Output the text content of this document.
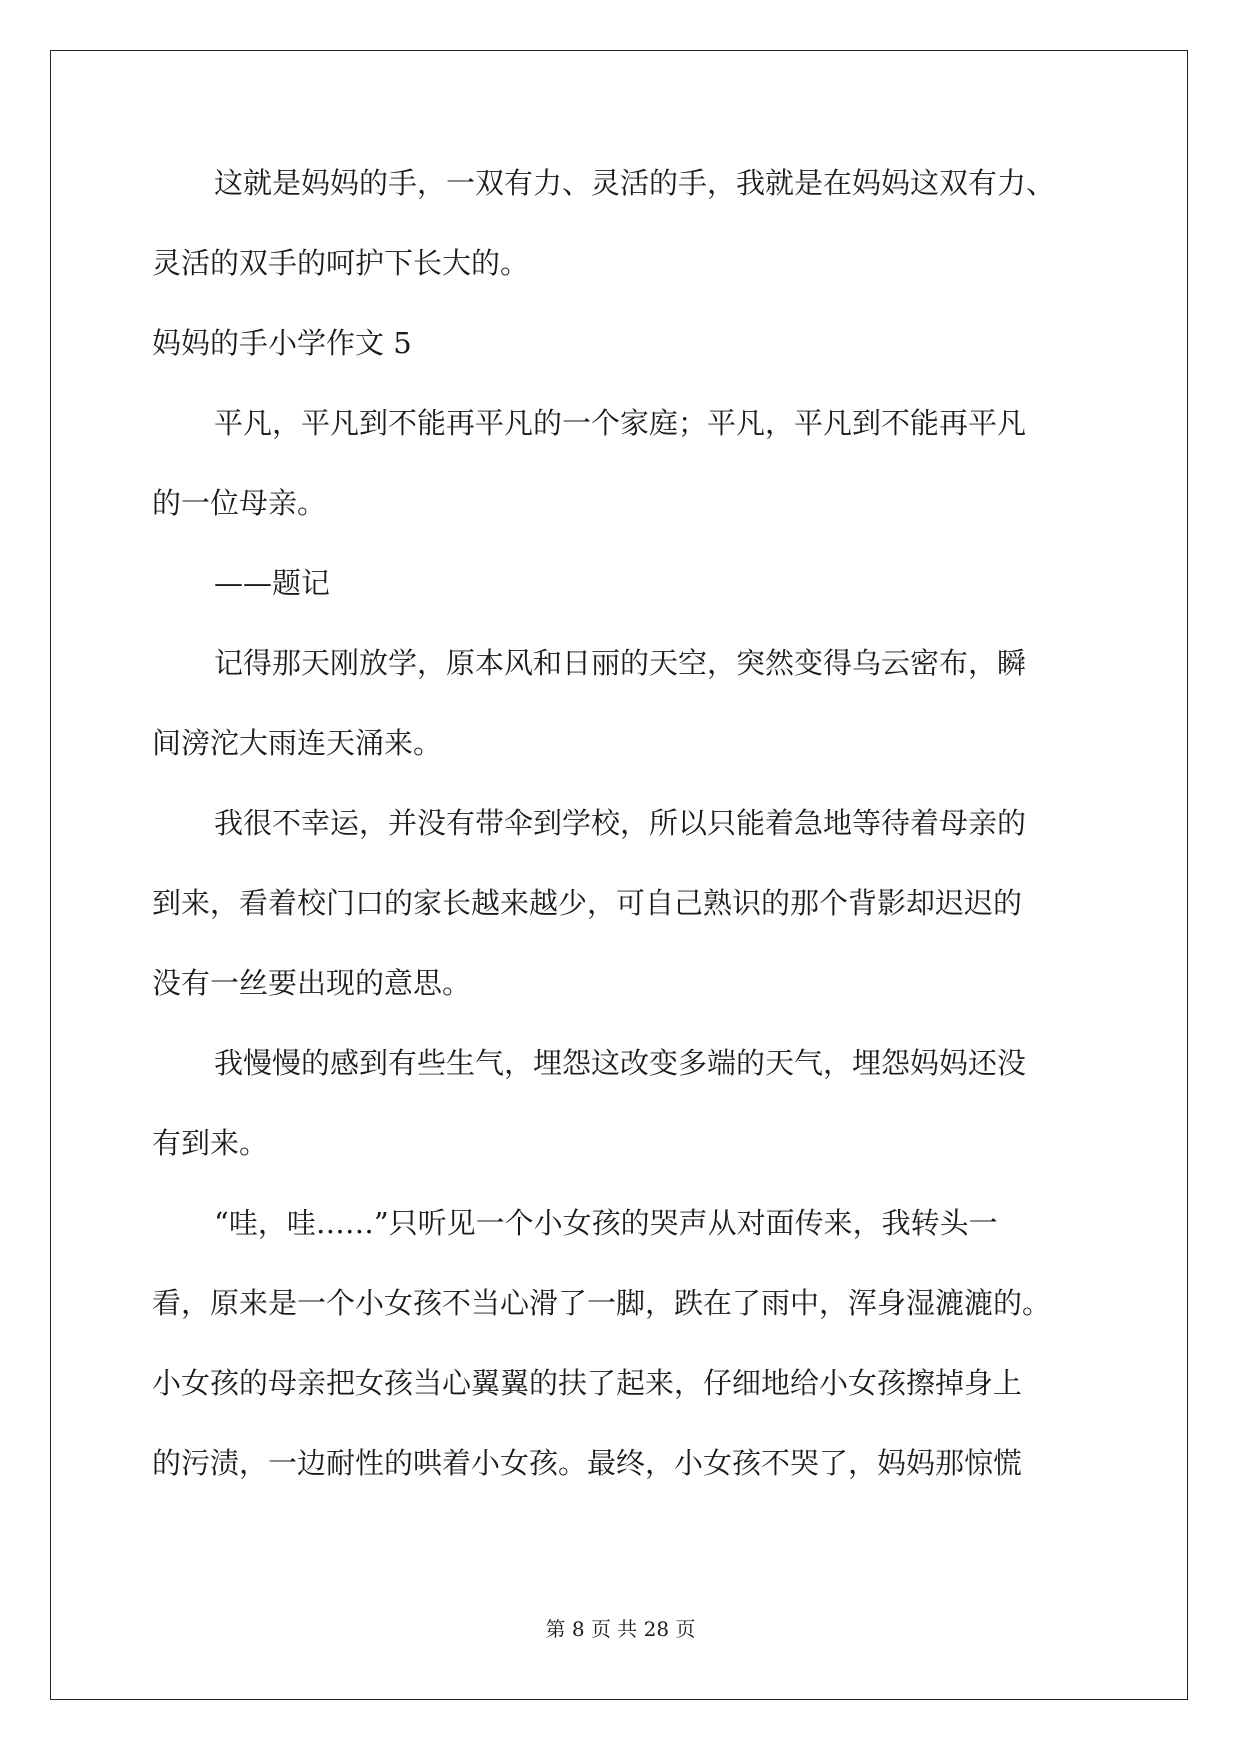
这就是妈妈的手，一双有力、灵活的手，我就是在妈妈这双有力、
灵活的双手的呵护下长大的。
妈妈的手小学作文 5
平凡，平凡到不能再平凡的一个家庭；平凡，平凡到不能再平凡
的一位母亲。
——题记
记得那天刚放学，原本风和日丽的天空，突然变得乌云密布，瞬
间滂沱大雨连天涌来。
我很不幸运，并没有带伞到学校，所以只能着急地等待着母亲的
到来，看着校门口的家长越来越少，可自己熟识的那个背影却迟迟的
没有一丝要出现的意思。
我慢慢的感到有些生气，埋怨这改变多端的天气，埋怨妈妈还没
有到来。
“哇，哇……”只听见一个小女孩的哭声从对面传来，我转头一
看，原来是一个小女孩不当心滑了一脚，跌在了雨中，浑身湿漉漉的。
小女孩的母亲把女孩当心翼翼的扶了起来，仔细地给小女孩擦掉身上
的污渍，一边耐性的哄着小女孩。最终，小女孩不哭了，妈妈那惊慌
第 8 页 共 28 页
